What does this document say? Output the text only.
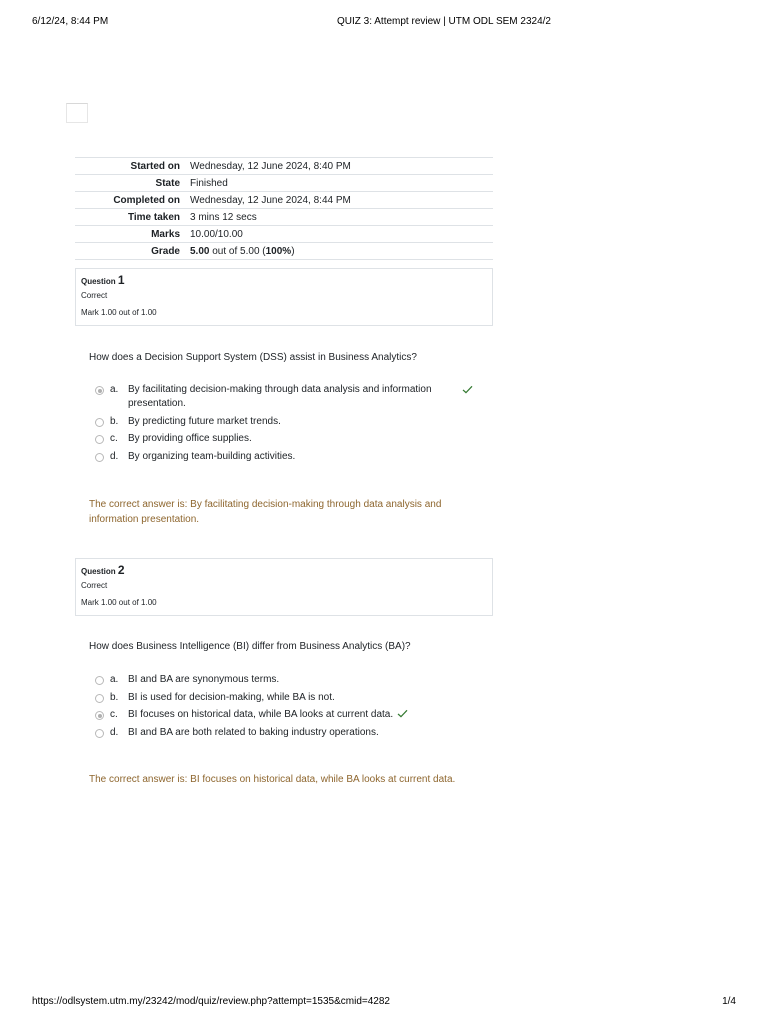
6/12/24, 8:44 PM	QUIZ 3: Attempt review | UTM ODL SEM 2324/2
Started on	Wednesday, 12 June 2024, 8:40 PM
State	Finished
Completed on	Wednesday, 12 June 2024, 8:44 PM
Time taken	3 mins 12 secs
Marks	10.00/10.00
Grade	5.00 out of 5.00 (100%)
Question 1
Correct
Mark 1.00 out of 1.00
How does a Decision Support System (DSS) assist in Business Analytics?
a. By facilitating decision-making through data analysis and information presentation.
b. By predicting future market trends.
c. By providing office supplies.
d. By organizing team-building activities.
The correct answer is: By facilitating decision-making through data analysis and information presentation.
Question 2
Correct
Mark 1.00 out of 1.00
How does Business Intelligence (BI) differ from Business Analytics (BA)?
a. BI and BA are synonymous terms.
b. BI is used for decision-making, while BA is not.
c. BI focuses on historical data, while BA looks at current data.
d. BI and BA are both related to baking industry operations.
The correct answer is: BI focuses on historical data, while BA looks at current data.
https://odlsystem.utm.my/23242/mod/quiz/review.php?attempt=1535&cmid=4282	1/4
